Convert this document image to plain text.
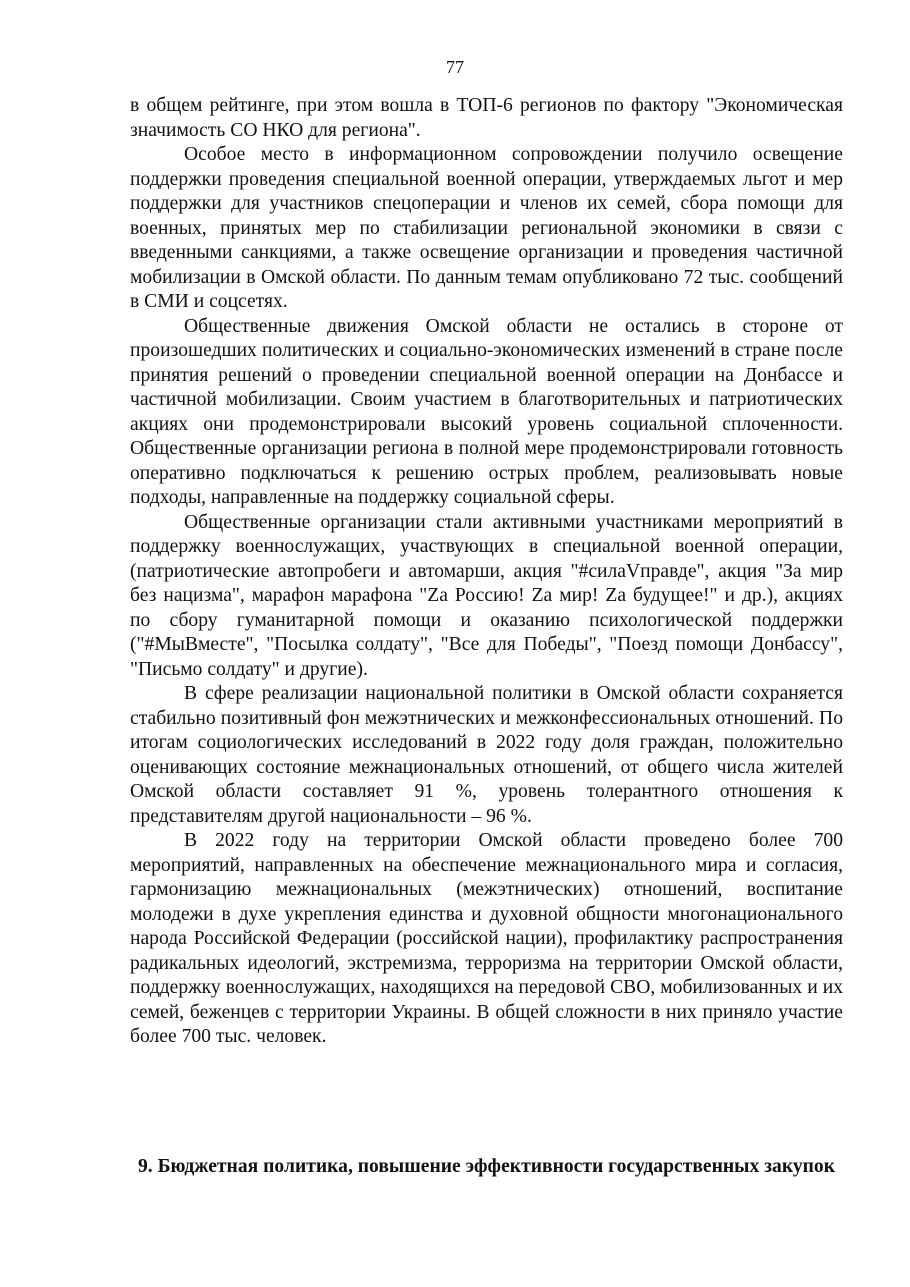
77

в общем рейтинге, при этом вошла в ТОП-6 регионов по фактору "Экономическая значимость СО НКО для региона".

Особое место в информационном сопровождении получило освещение поддержки проведения специальной военной операции, утверждаемых льгот и мер поддержки для участников спецоперации и членов их семей, сбора помощи для военных, принятых мер по стабилизации региональной экономики в связи с введенными санкциями, а также освещение организации и проведения частичной мобилизации в Омской области. По данным темам опубликовано 72 тыс. сообщений в СМИ и соцсетях.

Общественные движения Омской области не остались в стороне от произошедших политических и социально-экономических изменений в стране после принятия решений о проведении специальной военной операции на Донбассе и частичной мобилизации. Своим участием в благотворительных и патриотических акциях они продемонстрировали высокий уровень социальной сплоченности. Общественные организации региона в полной мере продемонстрировали готовность оперативно подключаться к решению острых проблем, реализовывать новые подходы, направленные на поддержку социальной сферы.

Общественные организации стали активными участниками мероприятий в поддержку военнослужащих, участвующих в специальной военной операции, (патриотические автопробеги и автомарши, акция "#силаVправде", акция "За мир без нацизма", марафон марафона "Zа Россию! Zа мир! Zа будущее!" и др.), акциях по сбору гуманитарной помощи и оказанию психологической поддержки ("#МыВместе", "Посылка солдату", "Все для Победы", "Поезд помощи Донбассу", "Письмо солдату" и другие).

В сфере реализации национальной политики в Омской области сохраняется стабильно позитивный фон межэтнических и межконфессиональных отношений. По итогам социологических исследований в 2022 году доля граждан, положительно оценивающих состояние межнациональных отношений, от общего числа жителей Омской области составляет 91 %, уровень толерантного отношения к представителям другой национальности – 96 %.

В 2022 году на территории Омской области проведено более 700 мероприятий, направленных на обеспечение межнационального мира и согласия, гармонизацию межнациональных (межэтнических) отношений, воспитание молодежи в духе укрепления единства и духовной общности многонационального народа Российской Федерации (российской нации), профилактику распространения радикальных идеологий, экстремизма, терроризма на территории Омской области, поддержку военнослужащих, находящихся на передовой СВО, мобилизованных и их семей, беженцев с территории Украины. В общей сложности в них приняло участие более 700 тыс. человек.

9. Бюджетная политика, повышение эффективности государственных закупок
